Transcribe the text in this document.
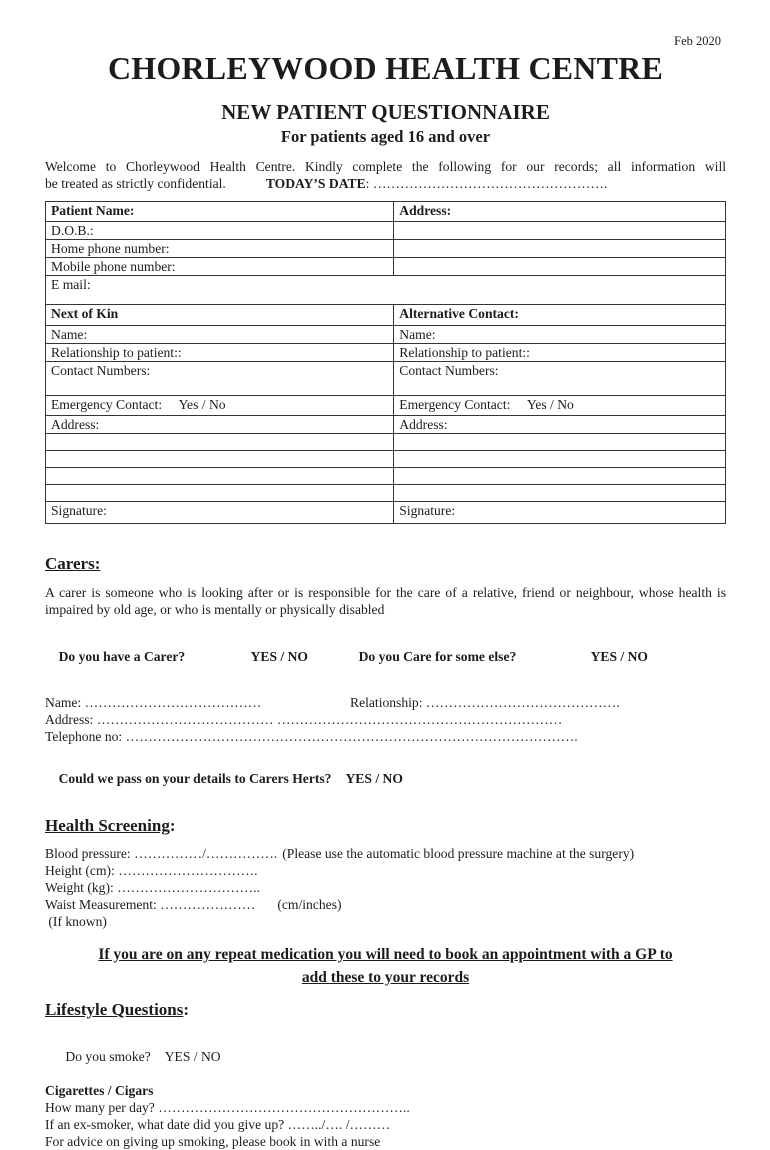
Feb 2020
CHORLEYWOOD HEALTH CENTRE
NEW PATIENT QUESTIONNAIRE
For patients aged 16 and over
Welcome to Chorleywood Health Centre. Kindly complete the following for our records; all information will
be treated as strictly confidential.	TODAY’S DATE : …………………………………………….
Patient Name:	Address:
D.O.B.:	
Home phone number:	
Mobile phone number:	
E mail:	
Next of Kin	Alternative Contact:
Name:	Name:
Relationship to patient::	Relationship to patient::
Contact Numbers:	Contact Numbers:
Emergency Contact:     Yes / No	Emergency Contact:     Yes / No
Address:	Address:

Signature:	Signature:
Carers:
A carer is someone who is looking after or is responsible for the care of a relative, friend or neighbour, whose health is impaired by old age, or who is mentally or physically disabled

Do you have a Carer?	YES / NO	Do you Care for some else?	YES / NO

Name: …………………………………	Relationship: …………………………………….
Address: ………………………………… ………………………………………………………
Telephone no: ……………………………………………………………………………………….

Could we pass on your details to Carers Herts? YES / NO

Health Screening:
Blood pressure: ……………/……………. (Please use the automatic blood pressure machine at the surgery)
Height (cm): ………………………….
Weight (kg): …………………………..
Waist Measurement: ………………… (cm/inches)
(If known)
If you are on any repeat medication you will need to book an appointment with a GP to
add these to your records
Lifestyle Questions:

Do you smoke? YES / NO

Cigarettes / Cigars
How many per day? ………………………………………………..
If an ex-smoker, what date did you give up? ……../…. /………
For advice on giving up smoking, please book in with a nurse
